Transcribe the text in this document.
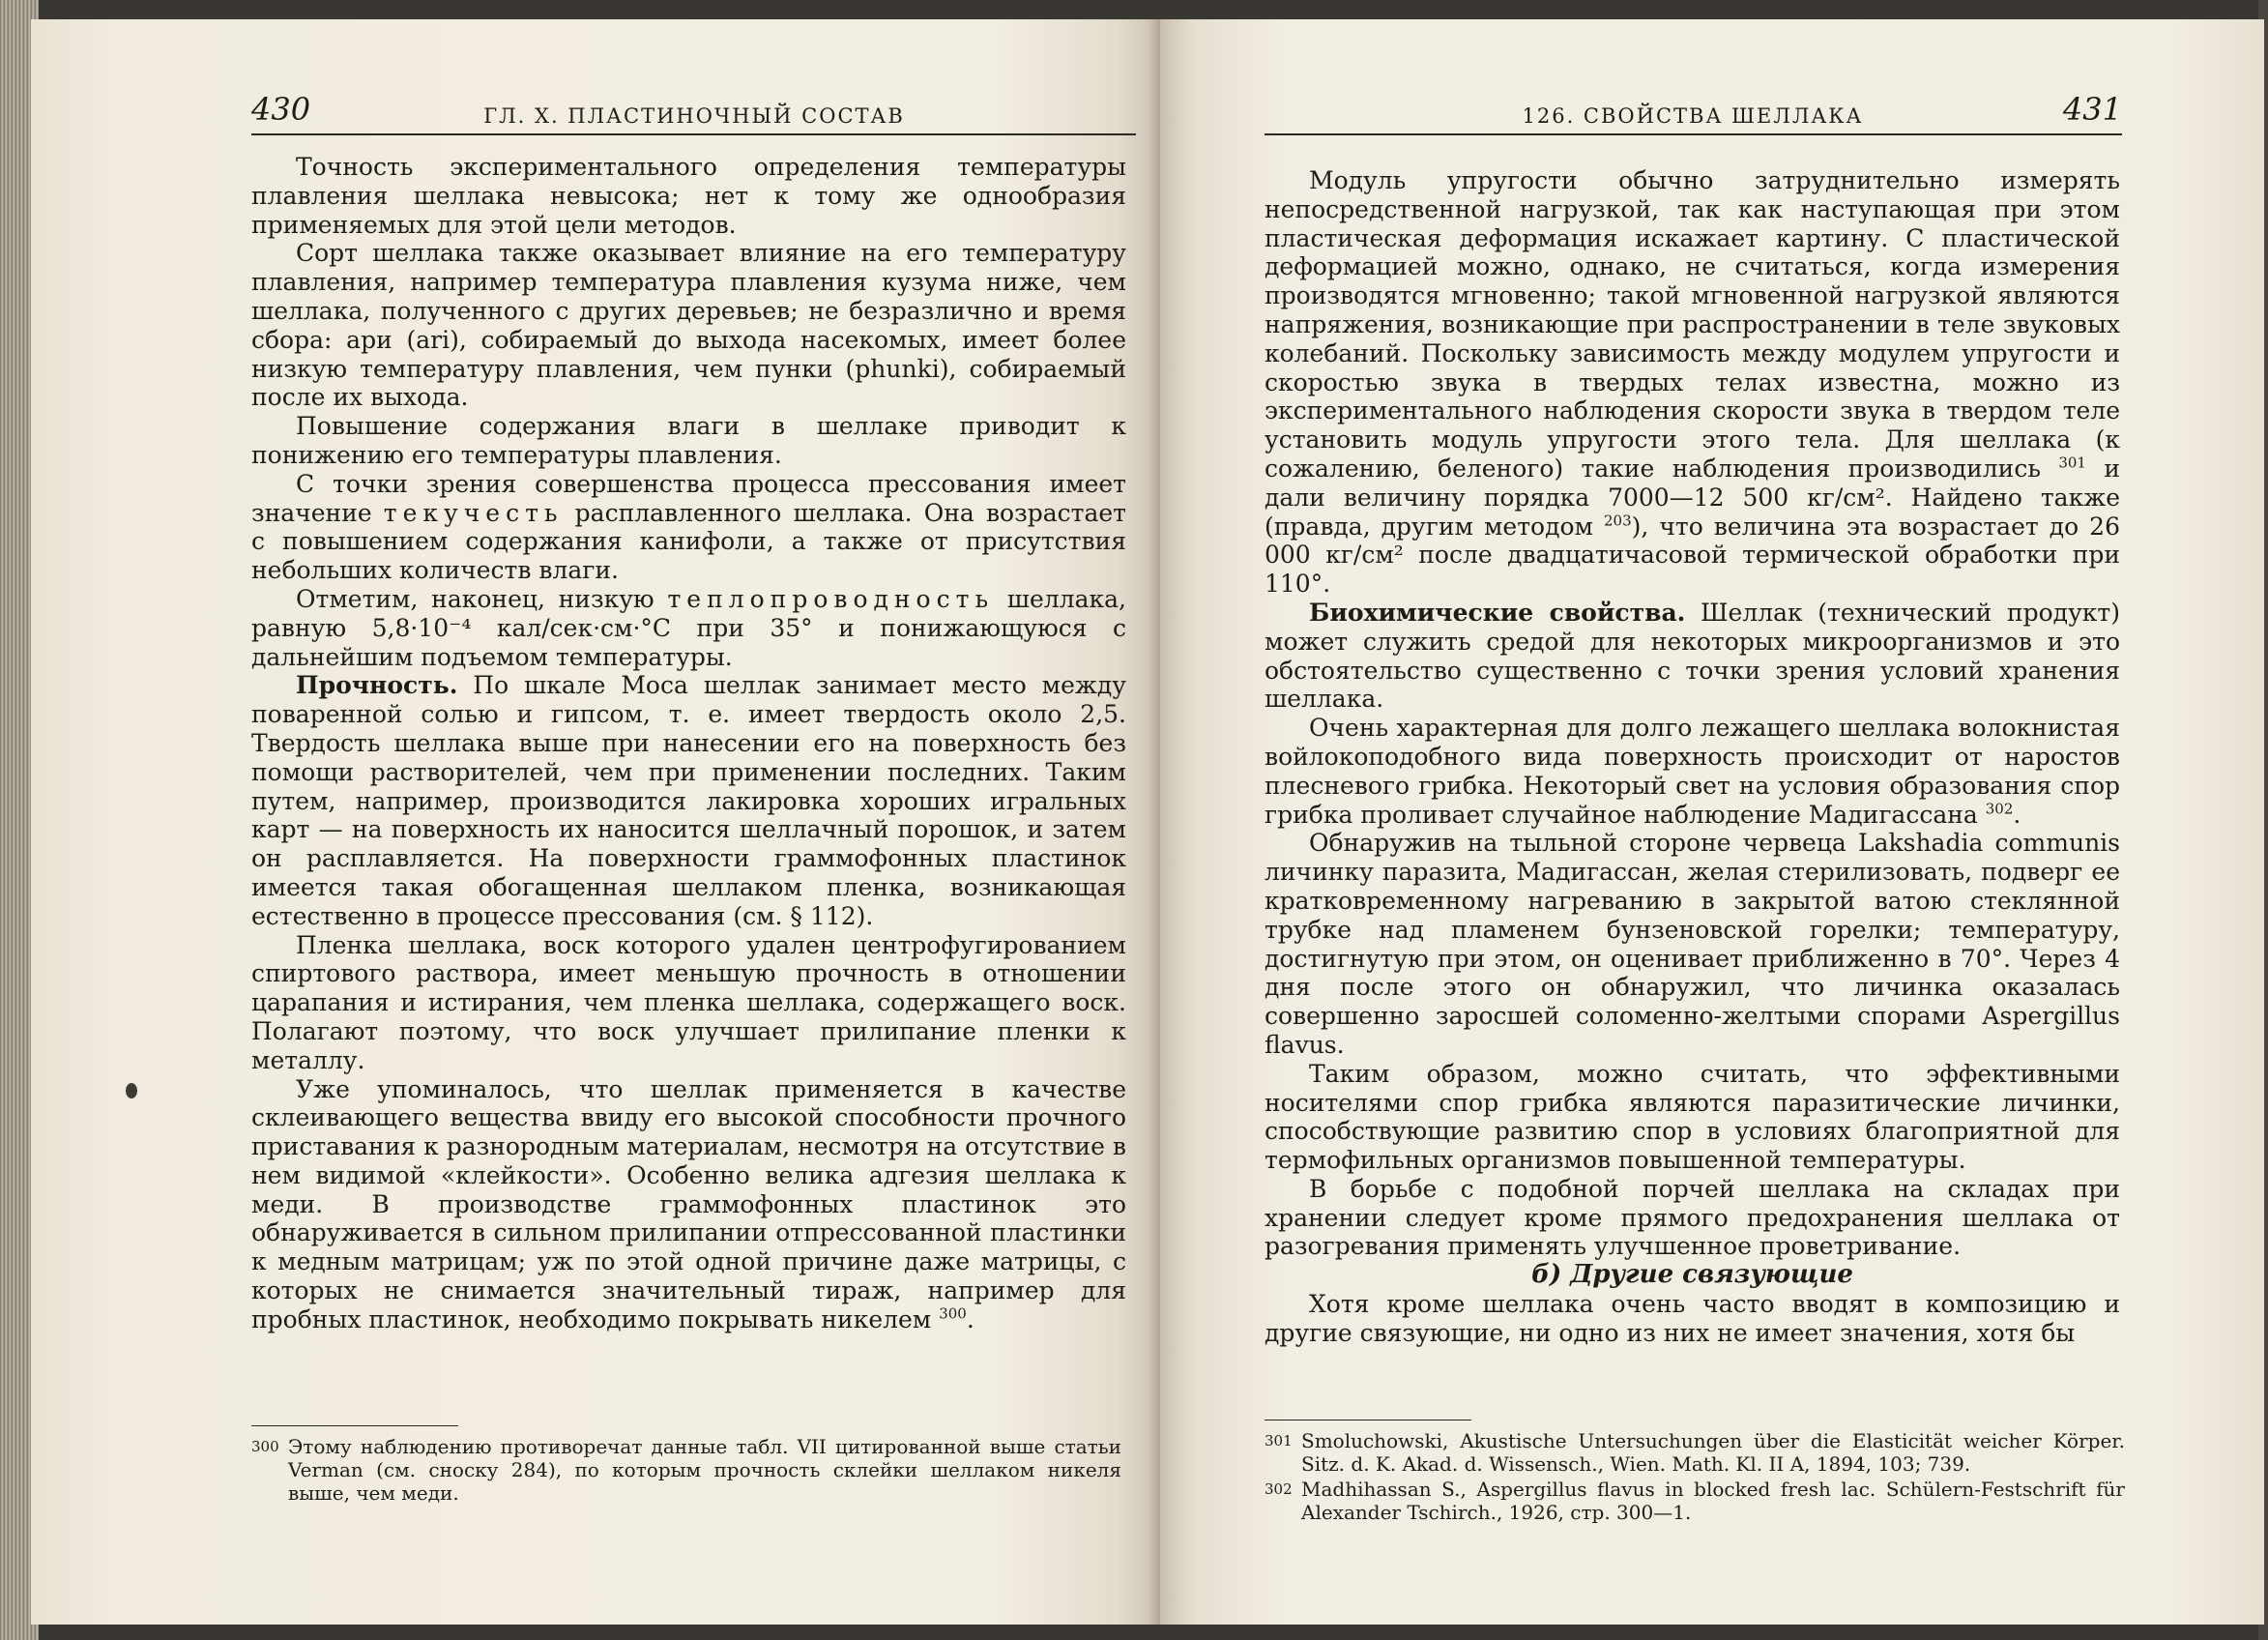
430	ГЛ. X. ПЛАСТИНОЧНЫЙ СОСТАВ

Точность экспериментального определения температуры плавления шеллака невысока; нет к тому же однообразия применяемых для этой цели методов.

Сорт шеллака также оказывает влияние на его температуру плавления, например температура плавления кузума ниже, чем шеллака, полученного с других деревьев; не безразлично и время сбора: ари (ari), собираемый до выхода насекомых, имеет более низкую температуру плавления, чем пунки (phunki), собираемый после их выхода.

Повышение содержания влаги в шеллаке приводит к понижению его температуры плавления.

С точки зрения совершенства процесса прессования имеет значение текучесть расплавленного шеллака. Она возрастает с повышением содержания канифоли, а также от присутствия небольших количеств влаги.

Отметим, наконец, низкую теплопроводность шеллака, равную 5,8·10⁻⁴ кал/сек·см·°С при 35° и понижающуюся с дальнейшим подъемом температуры.

Прочность. По шкале Моса шеллак занимает место между поваренной солью и гипсом, т. е. имеет твердость около 2,5. Твердость шеллака выше при нанесении его на поверхность без помощи растворителей, чем при применении последних. Таким путем, например, производится лакировка хороших игральных карт — на поверхность их наносится шеллачный порошок, и затем он расплавляется. На поверхности граммофонных пластинок имеется такая обогащенная шеллаком пленка, возникающая естественно в процессе прессования (см. § 112).

Пленка шеллака, воск которого удален центрофугированием спиртового раствора, имеет меньшую прочность в отношении царапания и истирания, чем пленка шеллака, содержащего воск. Полагают поэтому, что воск улучшает прилипание пленки к металлу.

Уже упоминалось, что шеллак применяется в качестве склеивающего вещества ввиду его высокой способности прочного приставания к разнородным материалам, несмотря на отсутствие в нем видимой «клейкости». Особенно велика адгезия шеллака к меди. В производстве граммофонных пластинок это обнаруживается в сильном прилипании отпрессованной пластинки к медным матрицам; уж по этой одной причине даже матрицы, с которых не снимается значительный тираж, например для пробных пластинок, необходимо покрывать никелем $^{300}$.

300 Этому наблюдению противоречат данные табл. VII цитированной выше статьи Verman (см. сноску 284), по которым прочность склейки шеллаком никеля выше, чем меди.
126. СВОЙСТВА ШЕЛЛАКА	431

Модуль упругости обычно затруднительно измерять непосредственной нагрузкой, так как наступающая при этом пластическая деформация искажает картину. С пластической деформацией можно, однако, не считаться, когда измерения производятся мгновенно; такой мгновенной нагрузкой являются напряжения, возникающие при распространении в теле звуковых колебаний. Поскольку зависимость между модулем упругости и скоростью звука в твердых телах известна, можно из экспериментального наблюдения скорости звука в твердом теле установить модуль упругости этого тела. Для шеллака (к сожалению, беленого) такие наблюдения производились $^{301}$ и дали величину порядка 7000—12 500 кг/см². Найдено также (правда, другим методом $^{203}$), что величина эта возрастает до 26 000 кг/см² после двадцатичасовой термической обработки при 110°.

Биохимические свойства. Шеллак (технический продукт) может служить средой для некоторых микроорганизмов и это обстоятельство существенно с точки зрения условий хранения шеллака.

Очень характерная для долго лежащего шеллака волокнистая войлокоподобного вида поверхность происходит от наростов плесневого грибка. Некоторый свет на условия образования спор грибка проливает случайное наблюдение Мадигассана $^{302}$.

Обнаружив на тыльной стороне червеца Lakshadia communis личинку паразита, Мадигассан, желая стерилизовать, подверг ее кратковременному нагреванию в закрытой ватою стеклянной трубке над пламенем бунзеновской горелки; температуру, достигнутую при этом, он оценивает приближенно в 70°. Через 4 дня после этого он обнаружил, что личинка оказалась совершенно заросшей соломенно-желтыми спорами Aspergillus flavus.

Таким образом, можно считать, что эффективными носителями спор грибка являются паразитические личинки, способствующие развитию спор в условиях благоприятной для термофильных организмов повышенной температуры.

В борьбе с подобной порчей шеллака на складах при хранении следует кроме прямого предохранения шеллака от разогревания применять улучшенное проветривание.

б) Другие связующие

Хотя кроме шеллака очень часто вводят в композицию и другие связующие, ни одно из них не имеет значения, хотя бы

301 Smoluchowski, Akustische Untersuchungen über die Elasticität weicher Körper. Sitz. d. K. Akad. d. Wissensch., Wien. Math. Kl. II A, 1894, 103; 739.
302 Madhihassan S., Aspergillus flavus in blocked fresh lac. Schülern-Festschrift für Alexander Tschirch., 1926, стр. 300—1.
